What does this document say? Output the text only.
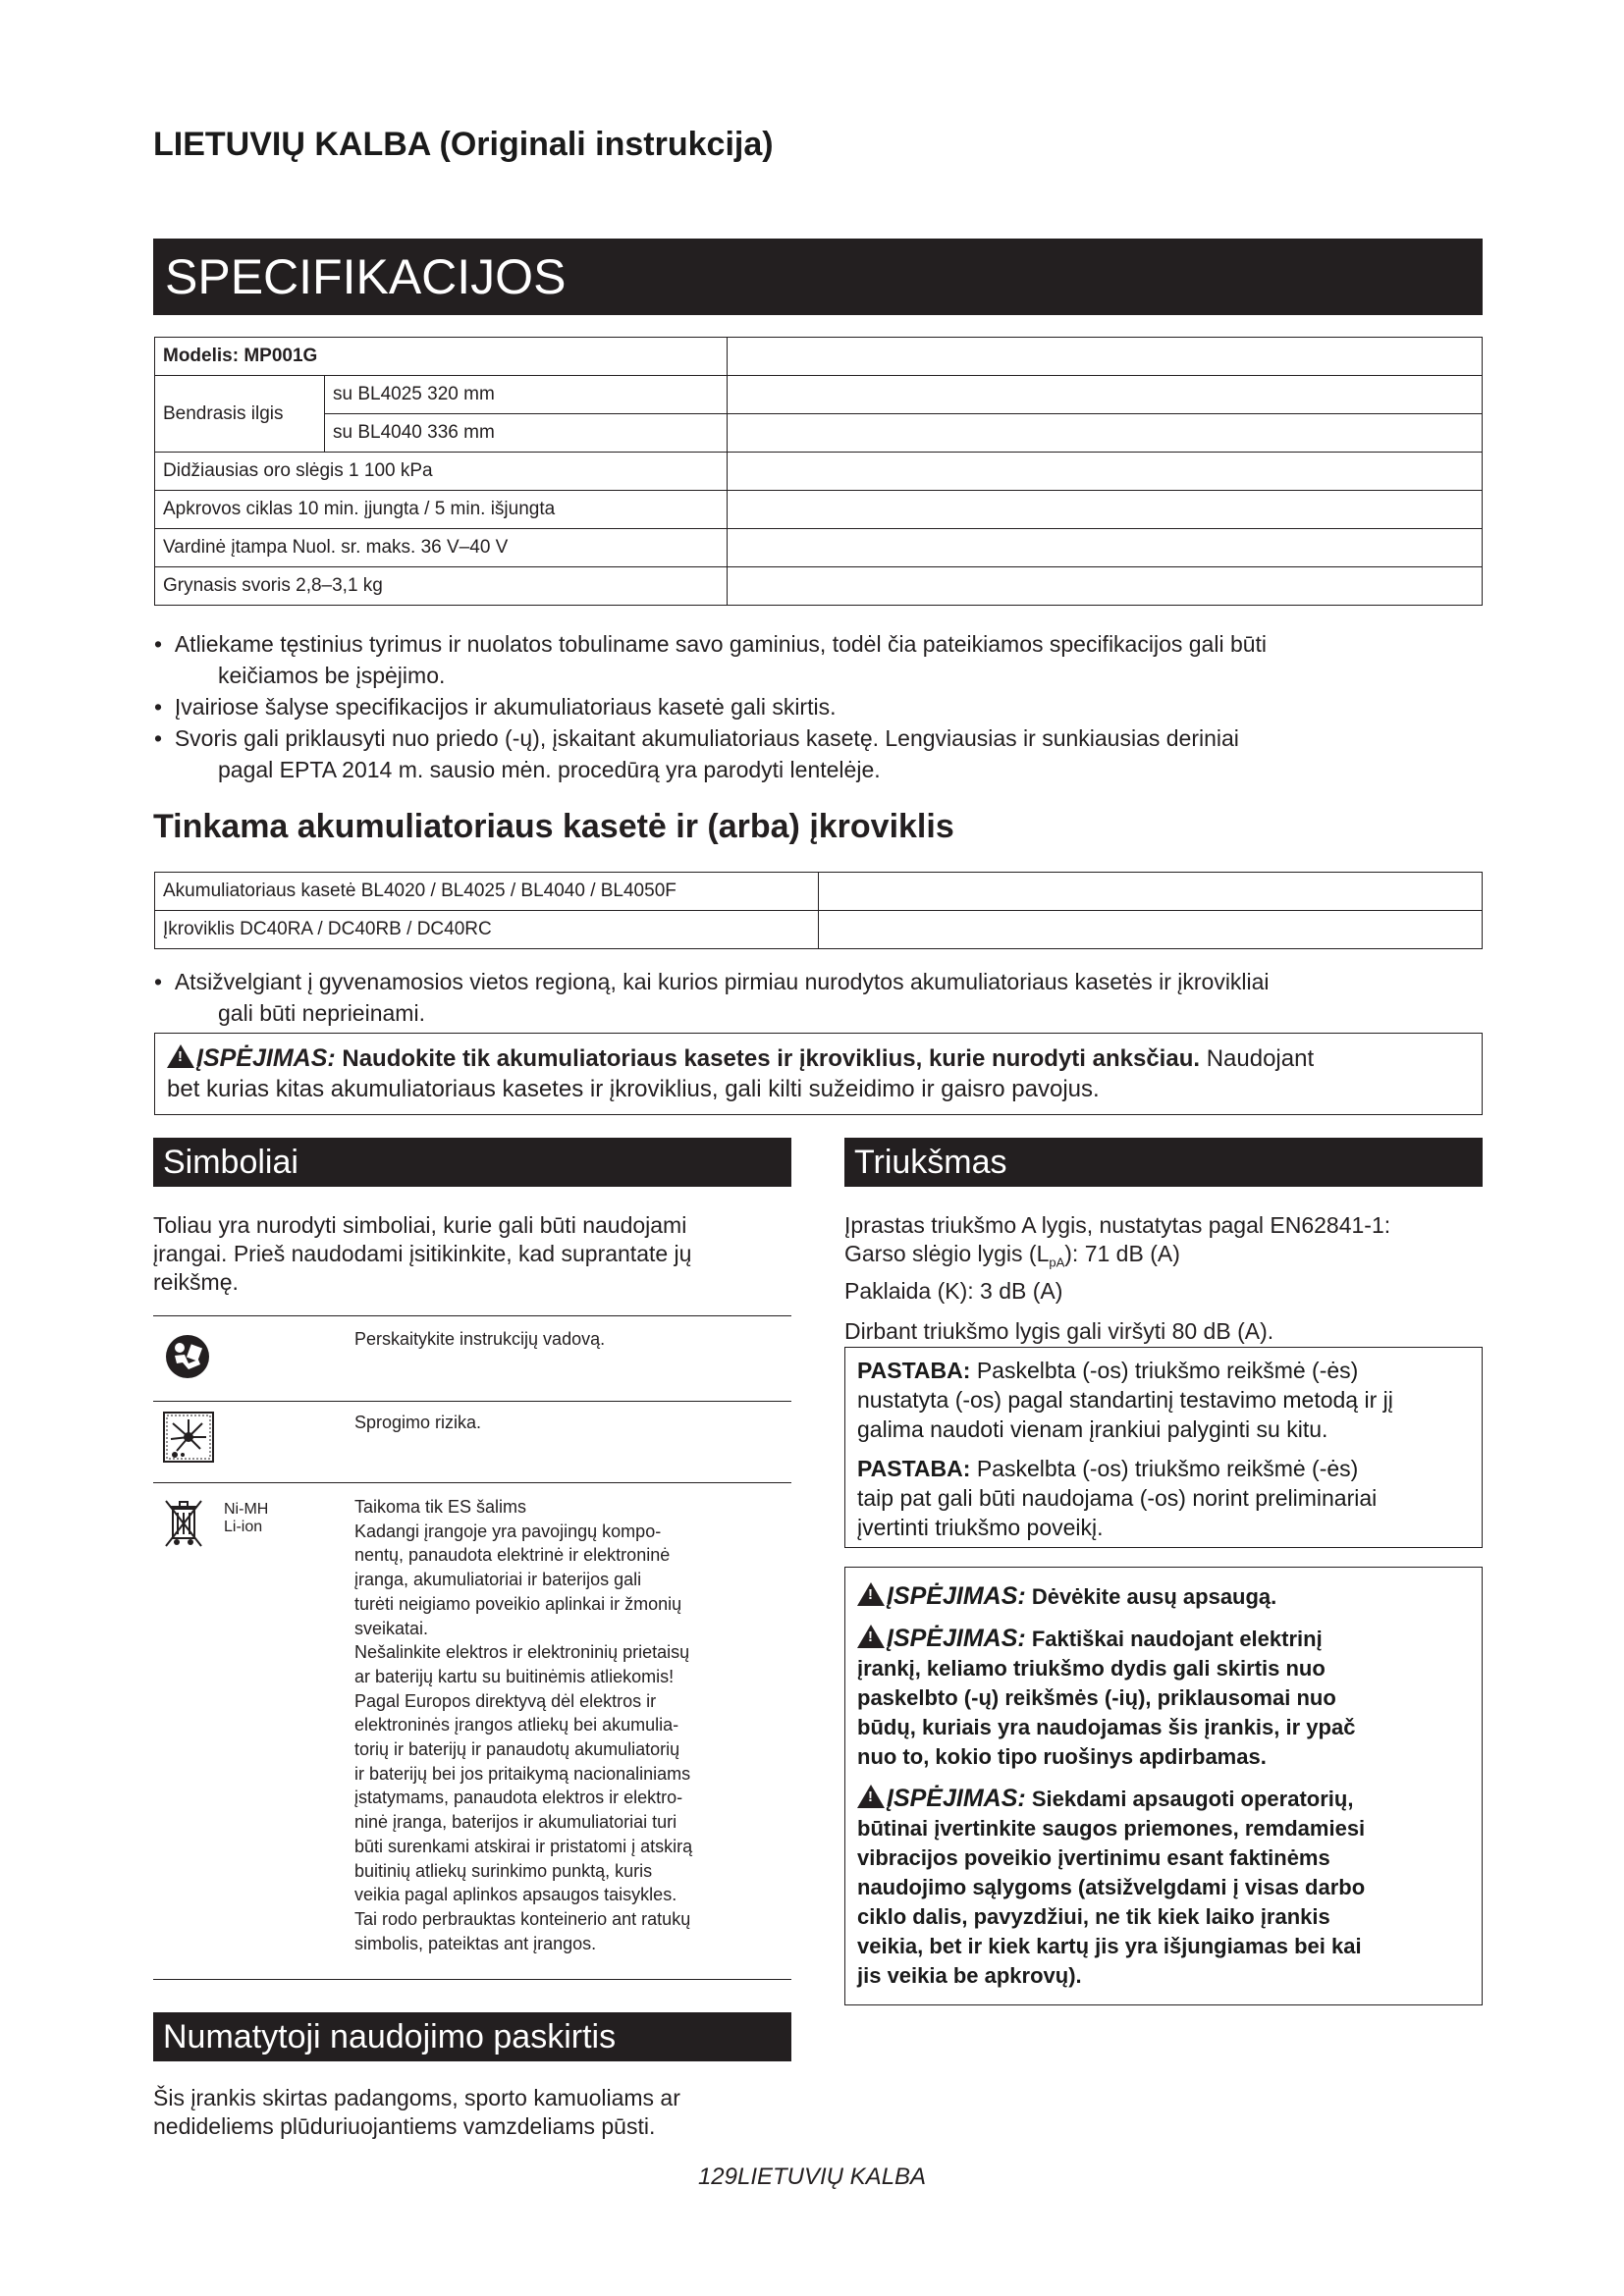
LIETUVIŲ KALBA (Originali instrukcija)
SPECIFIKACIJOS
Modelis: MP001G		
Bendrasis ilgis	su BL4025 320 mm	
	su BL4040 336 mm	
Didžiausias oro slėgis 1 100 kPa		
Apkrovos ciklas 10 min. įjungta / 5 min. išjungta		
Vardinė įtampa Nuol. sr. maks. 36 V–40 V		
Grynasis svoris 2,8–3,1 kg		
•  Atliekame tęstinius tyrimus ir nuolatos tobuliname savo gaminius, todėl čia pateikiamos specifikacijos gali būti
keičiamos be įspėjimo.
•  Įvairiose šalyse specifikacijos ir akumuliatoriaus kasetė gali skirtis.
•  Svoris gali priklausyti nuo priedo (-ų), įskaitant akumuliatoriaus kasetę. Lengviausias ir sunkiausias deriniai
pagal EPTA 2014 m. sausio mėn. procedūrą yra parodyti lentelėje.
Tinkama akumuliatoriaus kasetė ir (arba) įkroviklis
Akumuliatoriaus kasetė BL4020 / BL4025 / BL4040 / BL4050F	
Įkroviklis DC40RA / DC40RB / DC40RC	
•  Atsižvelgiant į gyvenamosios vietos regioną, kai kurios pirmiau nurodytos akumuliatoriaus kasetės ir įkrovikliai
gali būti neprieinami.
! ĮSPĖJIMAS: Naudokite tik akumuliatoriaus kasetes ir įkroviklius, kurie nurodyti anksčiau. Naudojant
bet kurias kitas akumuliatoriaus kasetes ir įkroviklius, gali kilti sužeidimo ir gaisro pavojus.
Simboliai
Toliau yra nurodyti simboliai, kurie gali būti naudojami
įrangai. Prieš naudodami įsitikinkite, kad suprantate jų
reikšmę.
Perskaitykite instrukcijų vadovą.
Sprogimo rizika.
Ni-MH
Li-ion
Taikoma tik ES šalims
Kadangi įrangoje yra pavojingų kompo-
nentų, panaudota elektrinė ir elektroninė
įranga, akumuliatoriai ir baterijos gali
turėti neigiamo poveikio aplinkai ir žmonių
sveikatai.
Nešalinkite elektros ir elektroninių prietaisų
ar baterijų kartu su buitinėmis atliekomis!
Pagal Europos direktyvą dėl elektros ir
elektroninės įrangos atliekų bei akumulia-
torių ir baterijų ir panaudotų akumuliatorių
ir baterijų bei jos pritaikymą nacionaliniams
įstatymams, panaudota elektros ir elektro-
ninė įranga, baterijos ir akumuliatoriai turi
būti surenkami atskirai ir pristatomi į atskirą
buitinių atliekų surinkimo punktą, kuris
veikia pagal aplinkos apsaugos taisykles.
Tai rodo perbrauktas konteinerio ant ratukų
simbolis, pateiktas ant įrangos.
Numatytoji naudojimo paskirtis
Šis įrankis skirtas padangoms, sporto kamuoliams ar
nedideliems plūduriuojantiems vamzdeliams pūsti.
Triukšmas
Įprastas triukšmo A lygis, nustatytas pagal EN62841-1:
Garso slėgio lygis $(L_{pA})$: 71 dB (A)
Paklaida (K): 3 dB (A)
Dirbant triukšmo lygis gali viršyti 80 dB (A).
PASTABA: Paskelbta (-os) triukšmo reikšmė (-ės)
nustatyta (-os) pagal standartinį testavimo metodą ir jį
galima naudoti vienam įrankiui palyginti su kitu.
PASTABA: Paskelbta (-os) triukšmo reikšmė (-ės)
taip pat gali būti naudojama (-os) norint preliminariai
įvertinti triukšmo poveikį.
! ĮSPĖJIMAS: Dėvėkite ausų apsaugą.
! ĮSPĖJIMAS: Faktiškai naudojant elektrinį
įrankį, keliamo triukšmo dydis gali skirtis nuo
paskelbto (-ų) reikšmės (-ių), priklausomai nuo
būdų, kuriais yra naudojamas šis įrankis, ir ypač
nuo to, kokio tipo ruošinys apdirbamas.
! ĮSPĖJIMAS: Siekdami apsaugoti operatorių,
būtinai įvertinkite saugos priemones, remdamiesi
vibracijos poveikio įvertinimu esant faktinėms
naudojimo sąlygoms (atsižvelgdami į visas darbo
ciklo dalis, pavyzdžiui, ne tik kiek laiko įrankis
veikia, bet ir kiek kartų jis yra išjungiamas bei kai
jis veikia be apkrovų).
129LIETUVIŲ KALBA
